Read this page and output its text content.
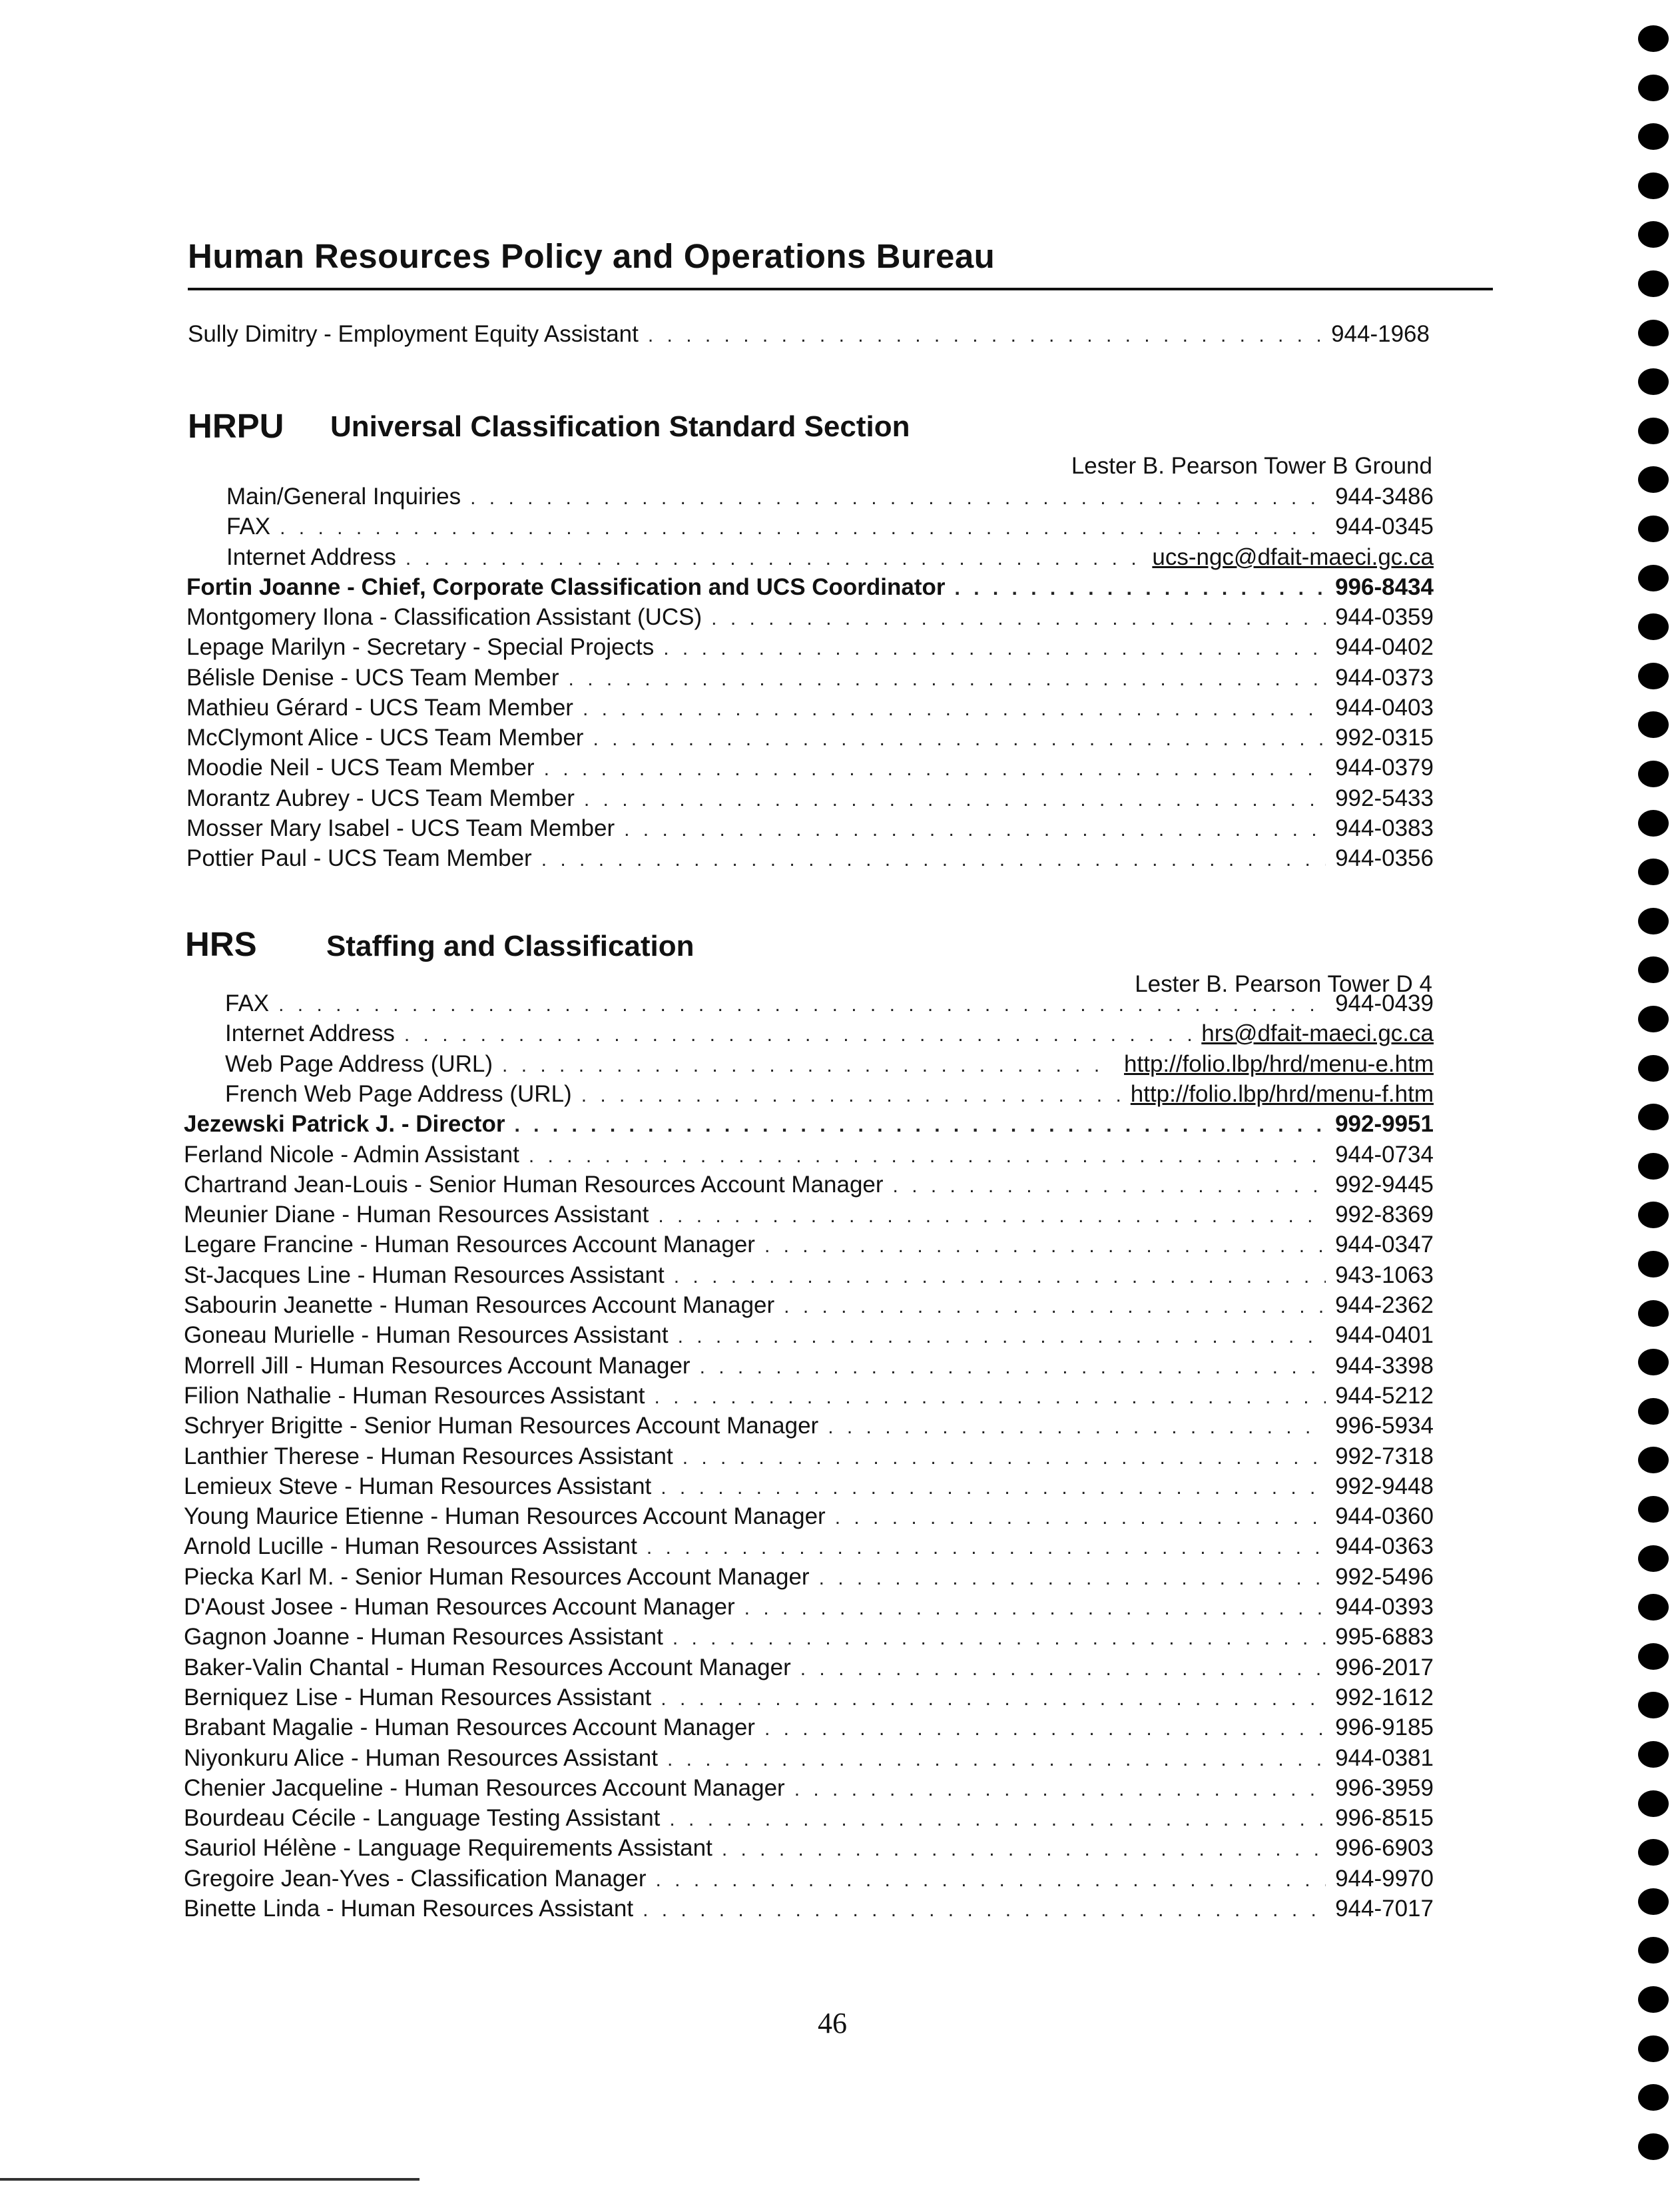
Human Resources Policy and Operations Bureau
Sully Dimitry - Employment Equity Assistant . . .	944-1968
HRPU Universal Classification Standard Section
Lester B. Pearson Tower B Ground
HRS Staffing and Classification
Lester B. Pearson Tower D 4
Main/General Inquiries . . .	944-3486
FAX . . .	944-0345
Internet Address . . .	ucs-ngc@dfait-maeci.gc.ca
Fortin Joanne - Chief, Corporate Classification and UCS Coordinator . . .	996-8434
Montgomery Ilona - Classification Assistant (UCS) . . .	944-0359
Lepage Marilyn - Secretary - Special Projects . . .	944-0402
Bélisle Denise - UCS Team Member . . .	944-0373
Mathieu Gérard - UCS Team Member . . .	944-0403
McClymont Alice - UCS Team Member . . .	992-0315
Moodie Neil - UCS Team Member . . .	944-0379
Morantz Aubrey - UCS Team Member . . .	992-5433
Mosser Mary Isabel - UCS Team Member . . .	944-0383
Pottier Paul - UCS Team Member . . .	944-0356
FAX . . .	944-0439
Internet Address . . .	hrs@dfait-maeci.gc.ca
Web Page Address (URL) . . .	http://folio.lbp/hrd/menu-e.htm
French Web Page Address (URL) . . .	http://folio.lbp/hrd/menu-f.htm
Jezewski Patrick J. - Director . . .	992-9951
Ferland Nicole - Admin Assistant . . .	944-0734
Chartrand Jean-Louis - Senior Human Resources Account Manager . . .	992-9445
Meunier Diane - Human Resources Assistant . . .	992-8369
Legare Francine - Human Resources Account Manager . . .	944-0347
St-Jacques Line - Human Resources Assistant . . .	943-1063
Sabourin Jeanette - Human Resources Account Manager . . .	944-2362
Goneau Murielle - Human Resources Assistant . . .	944-0401
Morrell Jill - Human Resources Account Manager . . .	944-3398
Filion Nathalie - Human Resources Assistant . . .	944-5212
Schryer Brigitte - Senior Human Resources Account Manager . . .	996-5934
Lanthier Therese - Human Resources Assistant . . .	992-7318
Lemieux Steve - Human Resources Assistant . . .	992-9448
Young Maurice Etienne - Human Resources Account Manager . . .	944-0360
Arnold Lucille - Human Resources Assistant . . .	944-0363
Piecka Karl M. - Senior Human Resources Account Manager . . .	992-5496
D'Aoust Josee - Human Resources Account Manager . . .	944-0393
Gagnon Joanne - Human Resources Assistant . . .	995-6883
Baker-Valin Chantal - Human Resources Account Manager . . .	996-2017
Berniquez Lise - Human Resources Assistant . . .	992-1612
Brabant Magalie - Human Resources Account Manager . . .	996-9185
Niyonkuru Alice - Human Resources Assistant . . .	944-0381
Chenier Jacqueline - Human Resources Account Manager . . .	996-3959
Bourdeau Cécile - Language Testing Assistant . . .	996-8515
Sauriol Hélène - Language Requirements Assistant . . .	996-6903
Gregoire Jean-Yves - Classification Manager . . .	944-9970
Binette Linda - Human Resources Assistant . . .	944-7017
46
